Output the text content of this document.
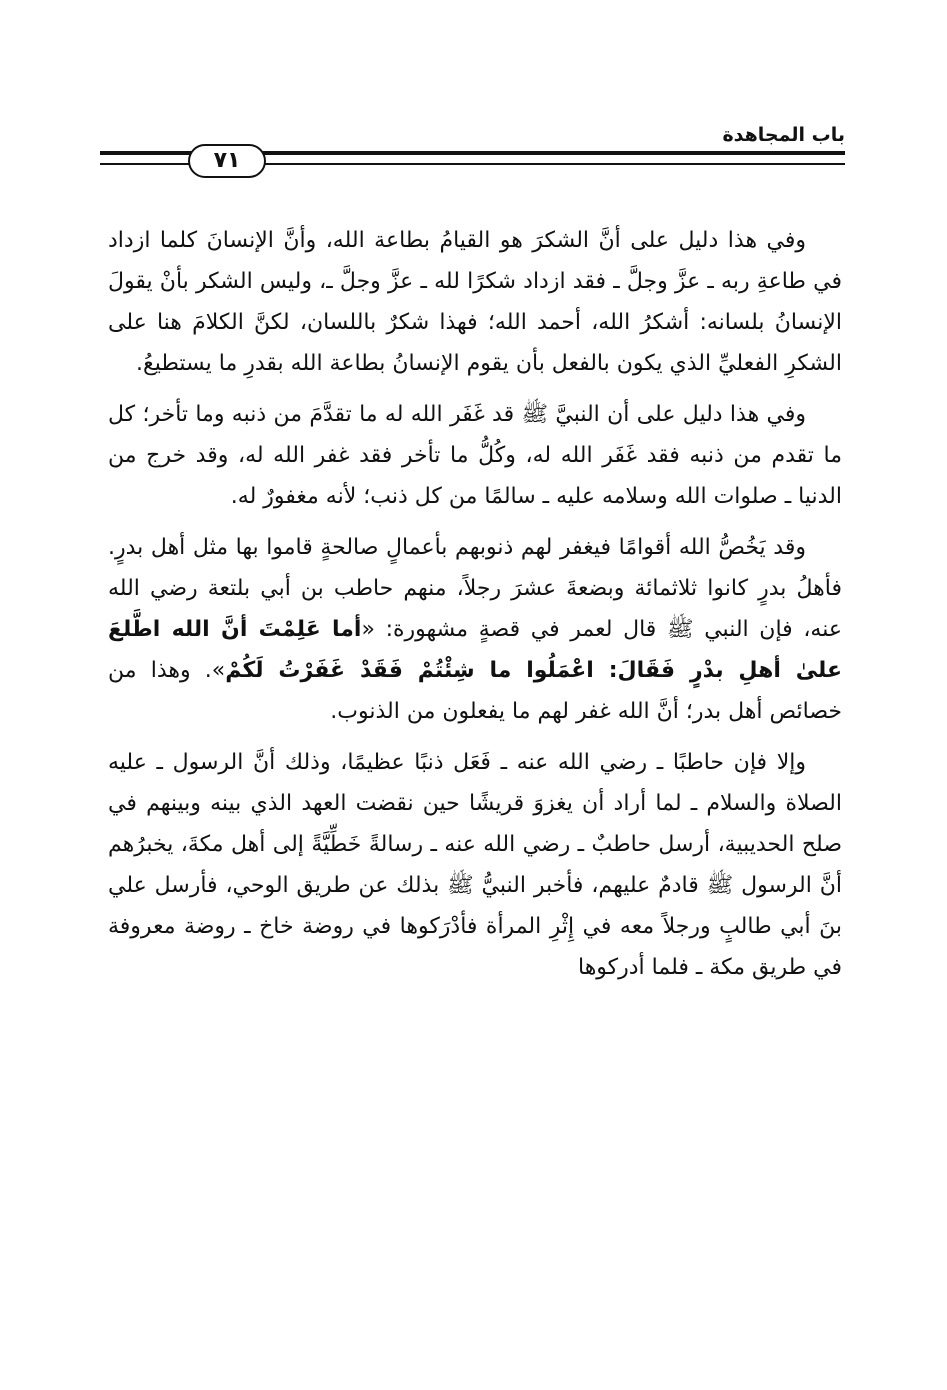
باب المجاهدة
٧١

وفي هذا دليل على أنَّ الشكرَ هو القيامُ بطاعة الله، وأنَّ الإنسانَ كلما ازداد في طاعةِ ربه ـ عزَّ وجلَّ ـ فقد ازداد شكرًا لله ـ عزَّ وجلَّ ـ، وليس الشكر بأنْ يقولَ الإنسانُ بلسانه: أشكرُ الله، أحمد الله؛ فهذا شكرٌ باللسان، لكنَّ الكلامَ هنا على الشكرِ الفعليِّ الذي يكون بالفعل بأن يقوم الإنسانُ بطاعة الله بقدرِ ما يستطيعُ.

وفي هذا دليل على أن النبيَّ ﷺ قد غَفَر الله له ما تقدَّمَ من ذنبه وما تأخر؛ كل ما تقدم من ذنبه فقد غَفَر الله له، وكُلُّ ما تأخر فقد غفر الله له، وقد خرج من الدنيا ـ صلوات الله وسلامه عليه ـ سالمًا من كل ذنب؛ لأنه مغفورٌ له.

وقد يَخُصُّ الله أقوامًا فيغفر لهم ذنوبهم بأعمالٍ صالحةٍ قاموا بها مثل أهل بدرٍ. فأهلُ بدرٍ كانوا ثلاثمائة وبضعةَ عشرَ رجلاً، منهم حاطب بن أبي بلتعة رضي الله عنه، فإن النبي ﷺ قال لعمر في قصةٍ مشهورة: «أما عَلِمْتَ أنَّ الله اطَّلعَ علىٰ أهلِ بدْرٍ فَقَالَ: اعْمَلُوا ما شِئْتُمْ فَقَدْ غَفَرْتُ لَكُمْ». وهذا من خصائص أهل بدر؛ أنَّ الله غفر لهم ما يفعلون من الذنوب.

وإلا فإن حاطبًا ـ رضي الله عنه ـ فَعَل ذنبًا عظيمًا، وذلك أنَّ الرسول ـ عليه الصلاة والسلام ـ لما أراد أن يغزوَ قريشًا حين نقضت العهد الذي بينه وبينهم في صلح الحديبية، أرسل حاطبٌ ـ رضي الله عنه ـ رسالةً خَطِّيَّةً إلى أهل مكةَ، يخبرُهم أنَّ الرسول ﷺ قادمٌ عليهم، فأخبر النبيُّ ﷺ بذلك عن طريق الوحي، فأرسل علي بنَ أبي طالبٍ ورجلاً معه في إِثْرِ المرأة فأدْرَكوها في روضة خاخ ـ روضة معروفة في طريق مكة ـ فلما أدركوها
